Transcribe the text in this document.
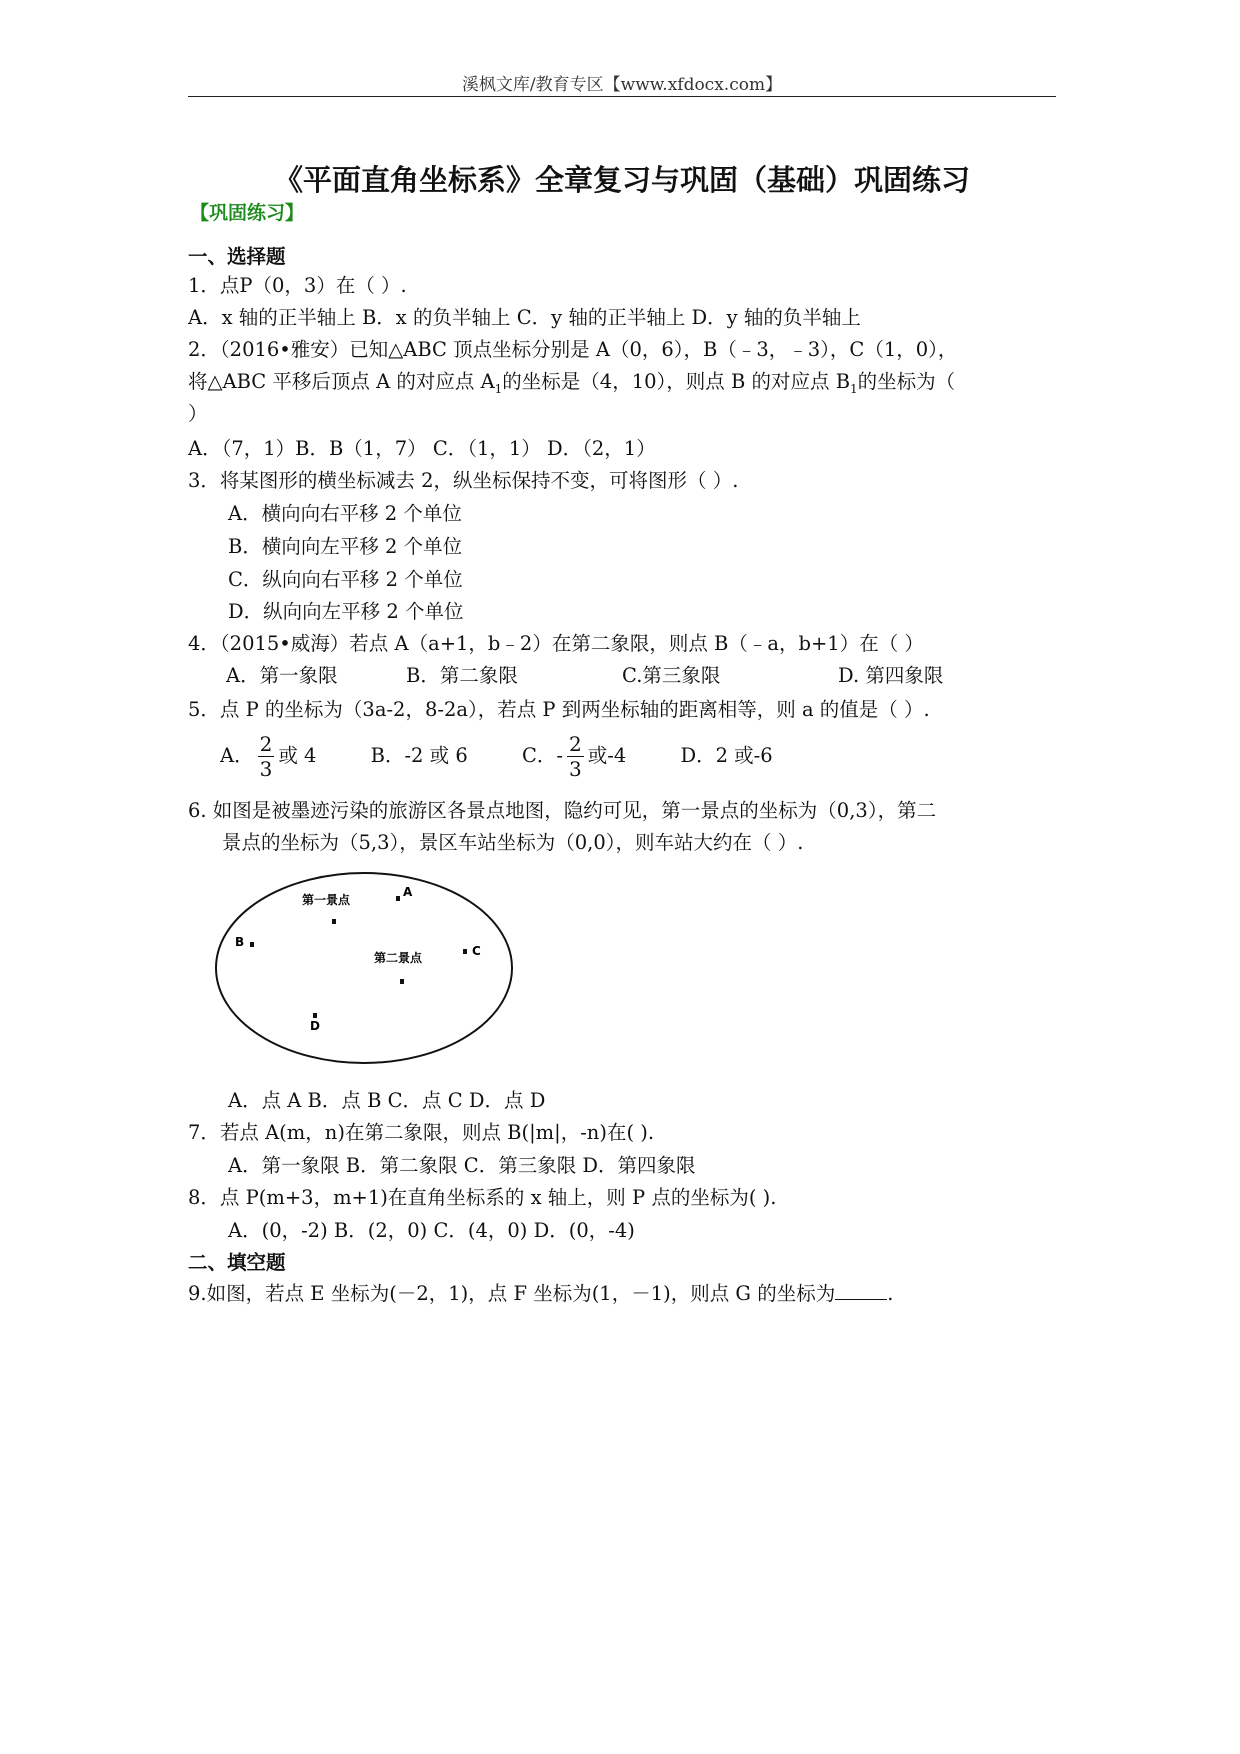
溪枫文库/教育专区【www.xfdocx.com】
《平面直角坐标系》全章复习与巩固（基础）巩固练习
【巩固练习】
一、选择题
1．点P（0，3）在（ ）.
A．x 轴的正半轴上 B．x 的负半轴上 C．y 轴的正半轴上 D．y 轴的负半轴上
2．（2016•雅安）已知△ABC 顶点坐标分别是 A（0，6），B（﹣3，﹣3），C（1，0），
将△ABC 平移后顶点 A 的对应点 $A_1$的坐标是（4，10），则点 B 的对应点 $B_1$的坐标为（
）
A．（7，1）B．B（1，7） C．（1，1） D．（2，1）
3．将某图形的横坐标减去 2，纵坐标保持不变，可将图形（ ）.
A．横向向右平移 2 个单位
B．横向向左平移 2 个单位
C．纵向向右平移 2 个单位
D．纵向向左平移 2 个单位
4．（2015•威海）若点 A（a+1，b﹣2）在第二象限，则点 B（﹣a，b+1）在（ ）
A．第一象限	B．第二象限	C.第三象限	D. 第四象限
5．点 P 的坐标为（3a-2，8-2a），若点 P 到两坐标轴的距离相等，则 a 的值是（ ）.
A． $\frac{2}{3}$ 或 4	B．-2 或 6	C．- $\frac{2}{3}$ 或-4	D．2 或-6
6. 如图是被墨迹污染的旅游区各景点地图，隐约可见，第一景点的坐标为（0,3），第二
景点的坐标为（5,3），景区车站坐标为（0,0），则车站大约在（ ）.
第一景点
A
B
第二景点	C
D
A．点 A B．点 B C．点 C D．点 D
7．若点 A(m，n)在第二象限，则点 B(|m|，-n)在( ).
A．第一象限 B．第二象限 C．第三象限 D．第四象限
8．点 P(m+3，m+1)在直角坐标系的 x 轴上，则 P 点的坐标为( ).
A．(0，-2) B．(2，0) C．(4，0) D．(0，-4)
二、填空题
9.如图，若点 E 坐标为(－2，1)，点 F 坐标为(1，－1)，则点 G 的坐标为	.
